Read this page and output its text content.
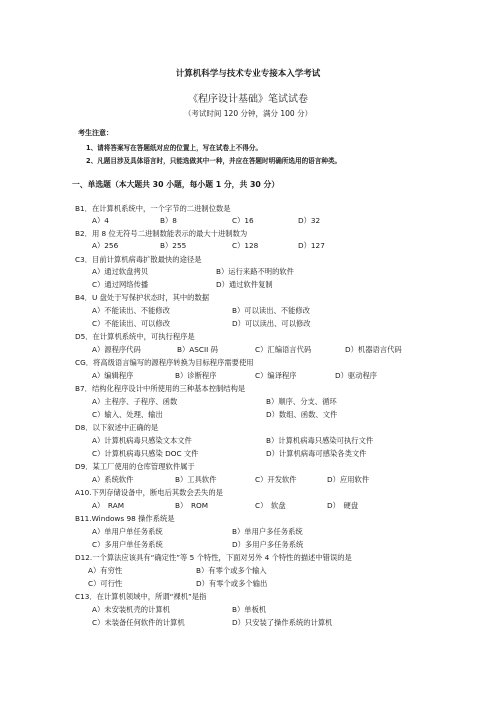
计算机科学与技术专业专接本入学考试
《程序设计基础》笔试试卷
（考试时间 120 分钟，满分 100 分）
考生注意：
1、请将答案写在答题纸对应的位置上，写在试卷上不得分。
2、凡题目涉及具体语言时，只能选做其中一种，并应在答题时明确所选用的语言种类。
一、单选题（本大题共 30 小题，每小题 1 分，共 30 分）
B1．在计算机系统中，一个字节的二进制位数是
A）4	B）8	C）16	D）32
B2．用 8 位无符号二进制数能表示的最大十进制数为
A）256	B）255	C）128	D）127
C3．目前计算机病毒扩散最快的途径是
A）通过软盘拷贝	B）运行来路不明的软件
C）通过网络传播	D）通过软件复制
B4．U 盘处于写保护状态时，其中的数据
A）不能读出、不能修改	B）可以读出、不能修改
C）不能读出、可以修改	D）可以读出、可以修改
D5．在计算机系统中，可执行程序是
A）源程序代码	B）ASCII 码	C）汇编语言代码	D）机器语言代码
CG．将高级语言编写的源程序转换为目标程序需要使用
A）编辑程序	B）诊断程序	C）编译程序	D）驱动程序
B7．结构化程序设计中所使用的三种基本控制结构是
A）主程序、子程序、函数	B）顺序、分支、循环
C）输入、处理、输出	D）数组、函数、文件
D8．以下叙述中正确的是
A）计算机病毒只感染文本文件	B）计算机病毒只感染可执行文件
C）计算机病毒只感染 DOC 文件	D）计算机病毒可感染各类文件
D9．某工厂使用的仓库管理软件属于
A）系统软件	B）工具软件	C）开发软件	D）应用软件
A10.下列存储设备中，断电后其数会丢失的是
A）　RAM	B）　ROM	C）　软盘	D）　硬盘
B11.Windows 98 操作系统是
A）单用户单任务系统	B）单用户多任务系统
C）多用户单任务系统	D）多用户多任务系统
D12.一个算法应该具有“确定性”等 5 个特性，下面对另外 4 个特性的描述中错误的是
A）有穷性	B）有零个或多个输入
C）可行性	D）有零个或多个输出
C13．在计算机领域中，所谓“裸机”是指
A）未安装机壳的计算机	B）单板机
C）未装备任何软件的计算机	D）只安装了操作系统的计算机
